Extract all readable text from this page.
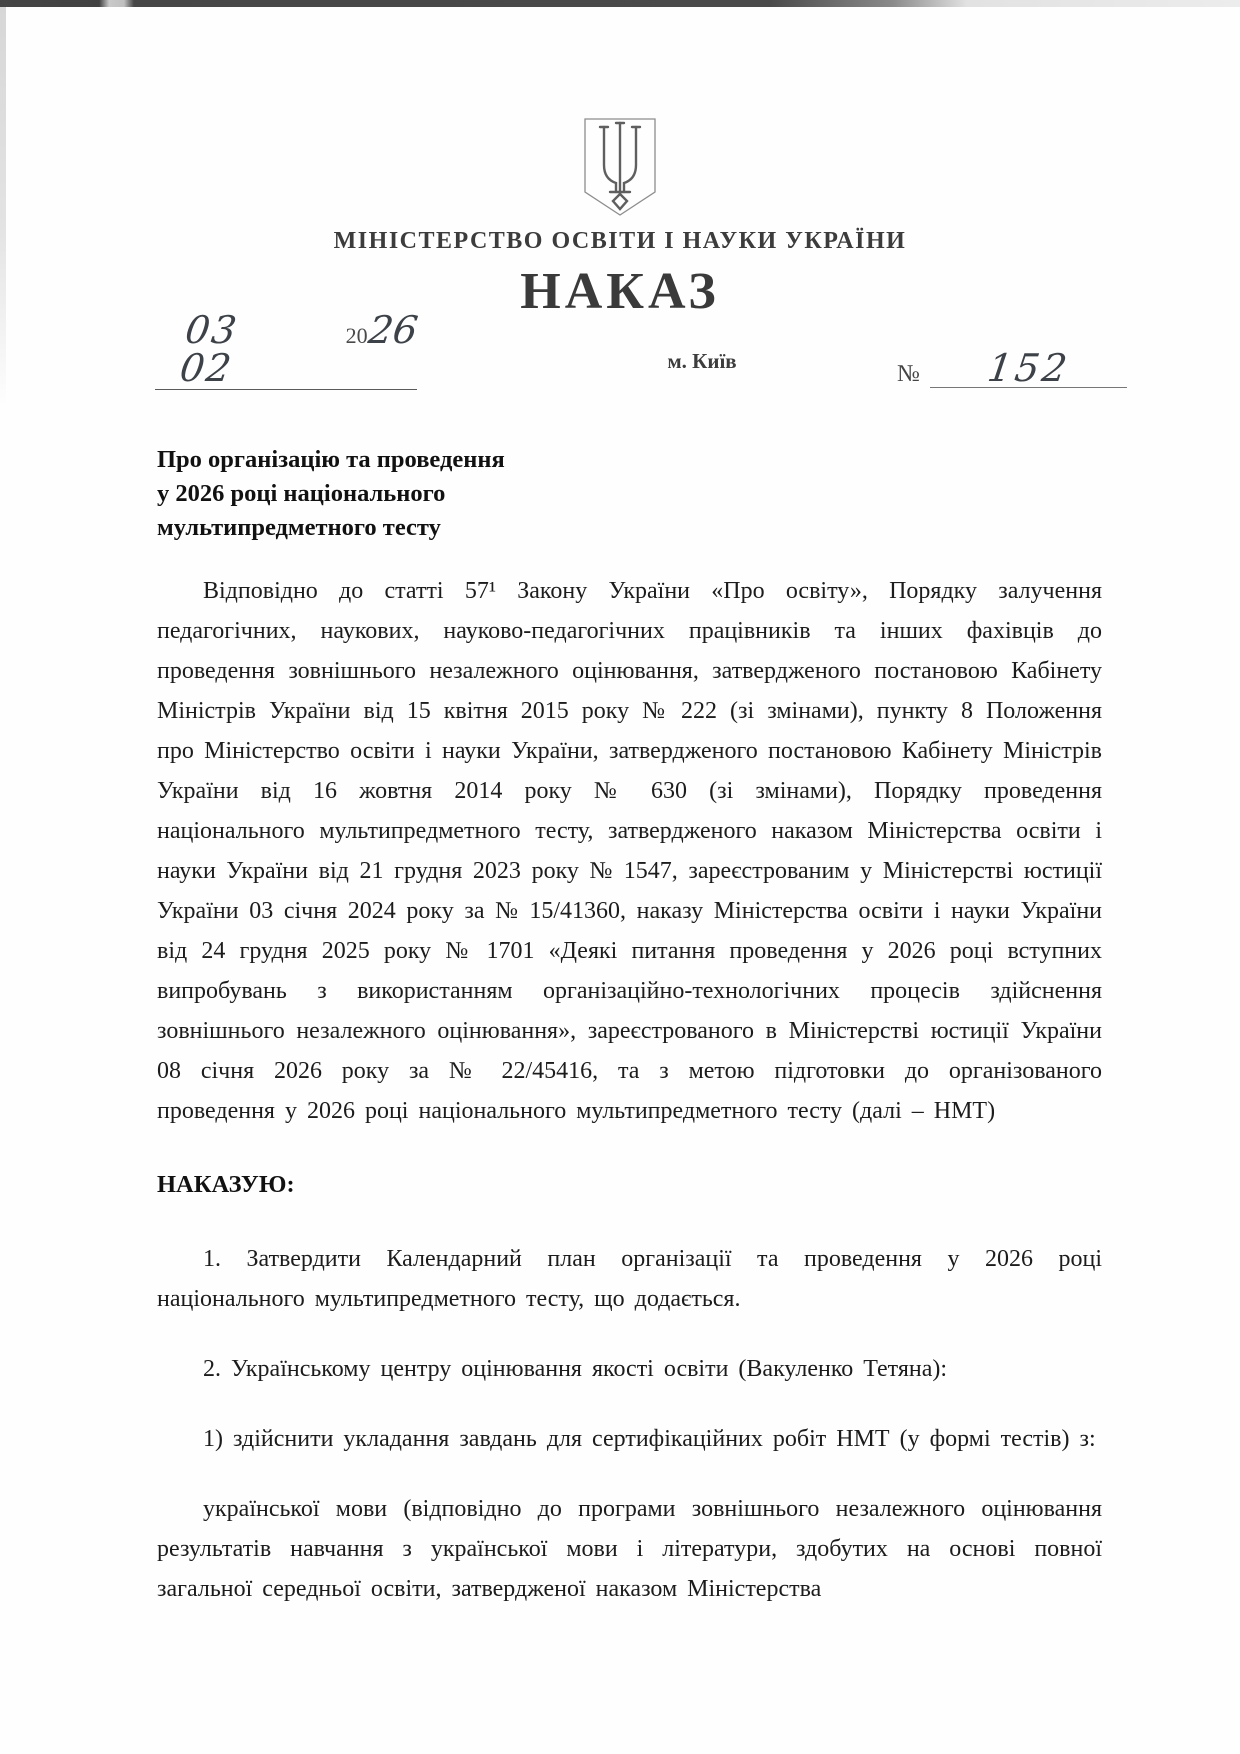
МІНІСТЕРСТВО ОСВІТИ І НАУКИ УКРАЇНИ
НАКАЗ
03 02
20
26
м. Київ	№	152
Про організацію та проведення
у 2026 році національного
мультипредметного тесту

Відповідно до статті 57¹ Закону України «Про освіту», Порядку залучення педагогічних, наукових, науково-педагогічних працівників та інших фахівців до проведення зовнішнього незалежного оцінювання, затвердженого постановою Кабінету Міністрів України від 15 квітня 2015 року № 222 (зі змінами), пункту 8 Положення про Міністерство освіти і науки України, затвердженого постановою Кабінету Міністрів України від 16 жовтня 2014 року № 630 (зі змінами), Порядку проведення національного мультипредметного тесту, затвердженого наказом Міністерства освіти і науки України від 21 грудня 2023 року № 1547, зареєстрованим у Міністерстві юстиції України 03 січня 2024 року за № 15/41360, наказу Міністерства освіти і науки України від 24 грудня 2025 року № 1701 «Деякі питання проведення у 2026 році вступних випробувань з використанням організаційно-технологічних процесів здійснення зовнішнього незалежного оцінювання», зареєстрованого в Міністерстві юстиції України 08 січня 2026 року за № 22/45416, та з метою підготовки до організованого проведення у 2026 році національного мультипредметного тесту (далі – НМТ)

НАКАЗУЮ:

1. Затвердити Календарний план організації та проведення у 2026 році національного мультипредметного тесту, що додається.

2. Українському центру оцінювання якості освіти (Вакуленко Тетяна):

1) здійснити укладання завдань для сертифікаційних робіт НМТ (у формі тестів) з:

української мови (відповідно до програми зовнішнього незалежного оцінювання результатів навчання з української мови і літератури, здобутих на основі повної загальної середньої освіти, затвердженої наказом Міністерства
